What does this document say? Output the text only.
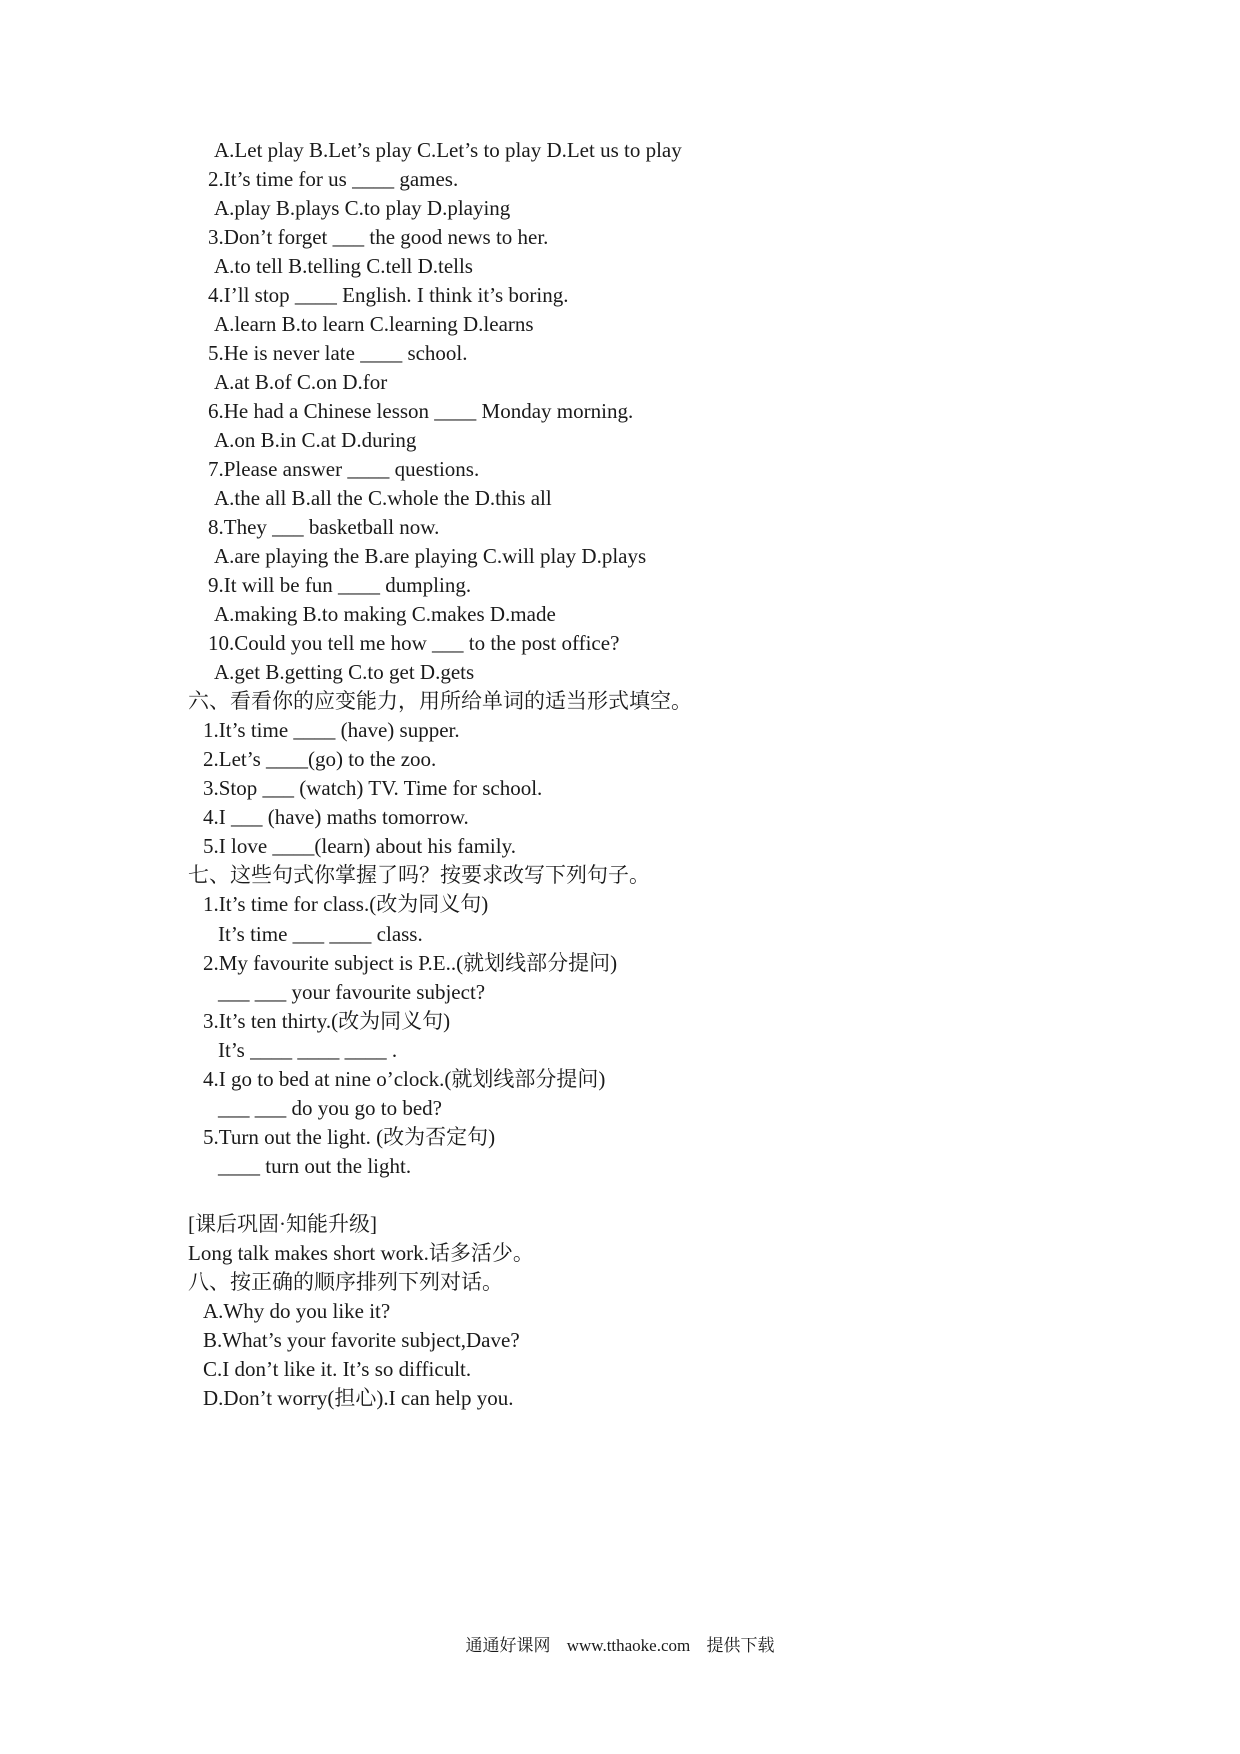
A.Let play B.Let’s play C.Let’s to play D.Let us to play
2.It’s time for us ____ games.
A.play B.plays C.to play D.playing
3.Don’t forget ___ the good news to her.
A.to tell B.telling C.tell D.tells
4.I’ll stop ____ English. I think it’s boring.
A.learn B.to learn C.learning D.learns
5.He is never late ____ school.
A.at B.of C.on D.for
6.He had a Chinese lesson ____ Monday morning.
A.on B.in C.at D.during
7.Please answer ____ questions.
A.the all B.all the C.whole the D.this all
8.They ___ basketball now.
A.are playing the B.are playing C.will play D.plays
9.It will be fun ____ dumpling.
A.making B.to making C.makes D.made
10.Could you tell me how ___ to the post office?
A.get B.getting C.to get D.gets
六、看看你的应变能力，用所给单词的适当形式填空。
1.It’s time ____ (have) supper.
2.Let’s ____(go) to the zoo.
3.Stop ___ (watch) TV. Time for school.
4.I ___ (have) maths tomorrow.
5.I love ____(learn) about his family.
七、这些句式你掌握了吗？按要求改写下列句子。
1.It’s time for class.(改为同义句)
It’s time ___ ____ class.
2.My favourite subject is P.E..(就划线部分提问)
___ ___ your favourite subject?
3.It’s ten thirty.(改为同义句)
It’s ____ ____ ____ .
4.I go to bed at nine o’clock.(就划线部分提问)
___ ___ do you go to bed?
5.Turn out the light. (改为否定句)
____ turn out the light.
[课后巩固·知能升级]
Long talk makes short work.话多活少。
八、按正确的顺序排列下列对话。
A.Why do you like it?
B.What’s your favorite subject,Dave?
C.I don’t like it. It’s so difficult.
D.Don’t worry(担心).I can help you.
通通好课网 www.tthaoke.com 提供下载
